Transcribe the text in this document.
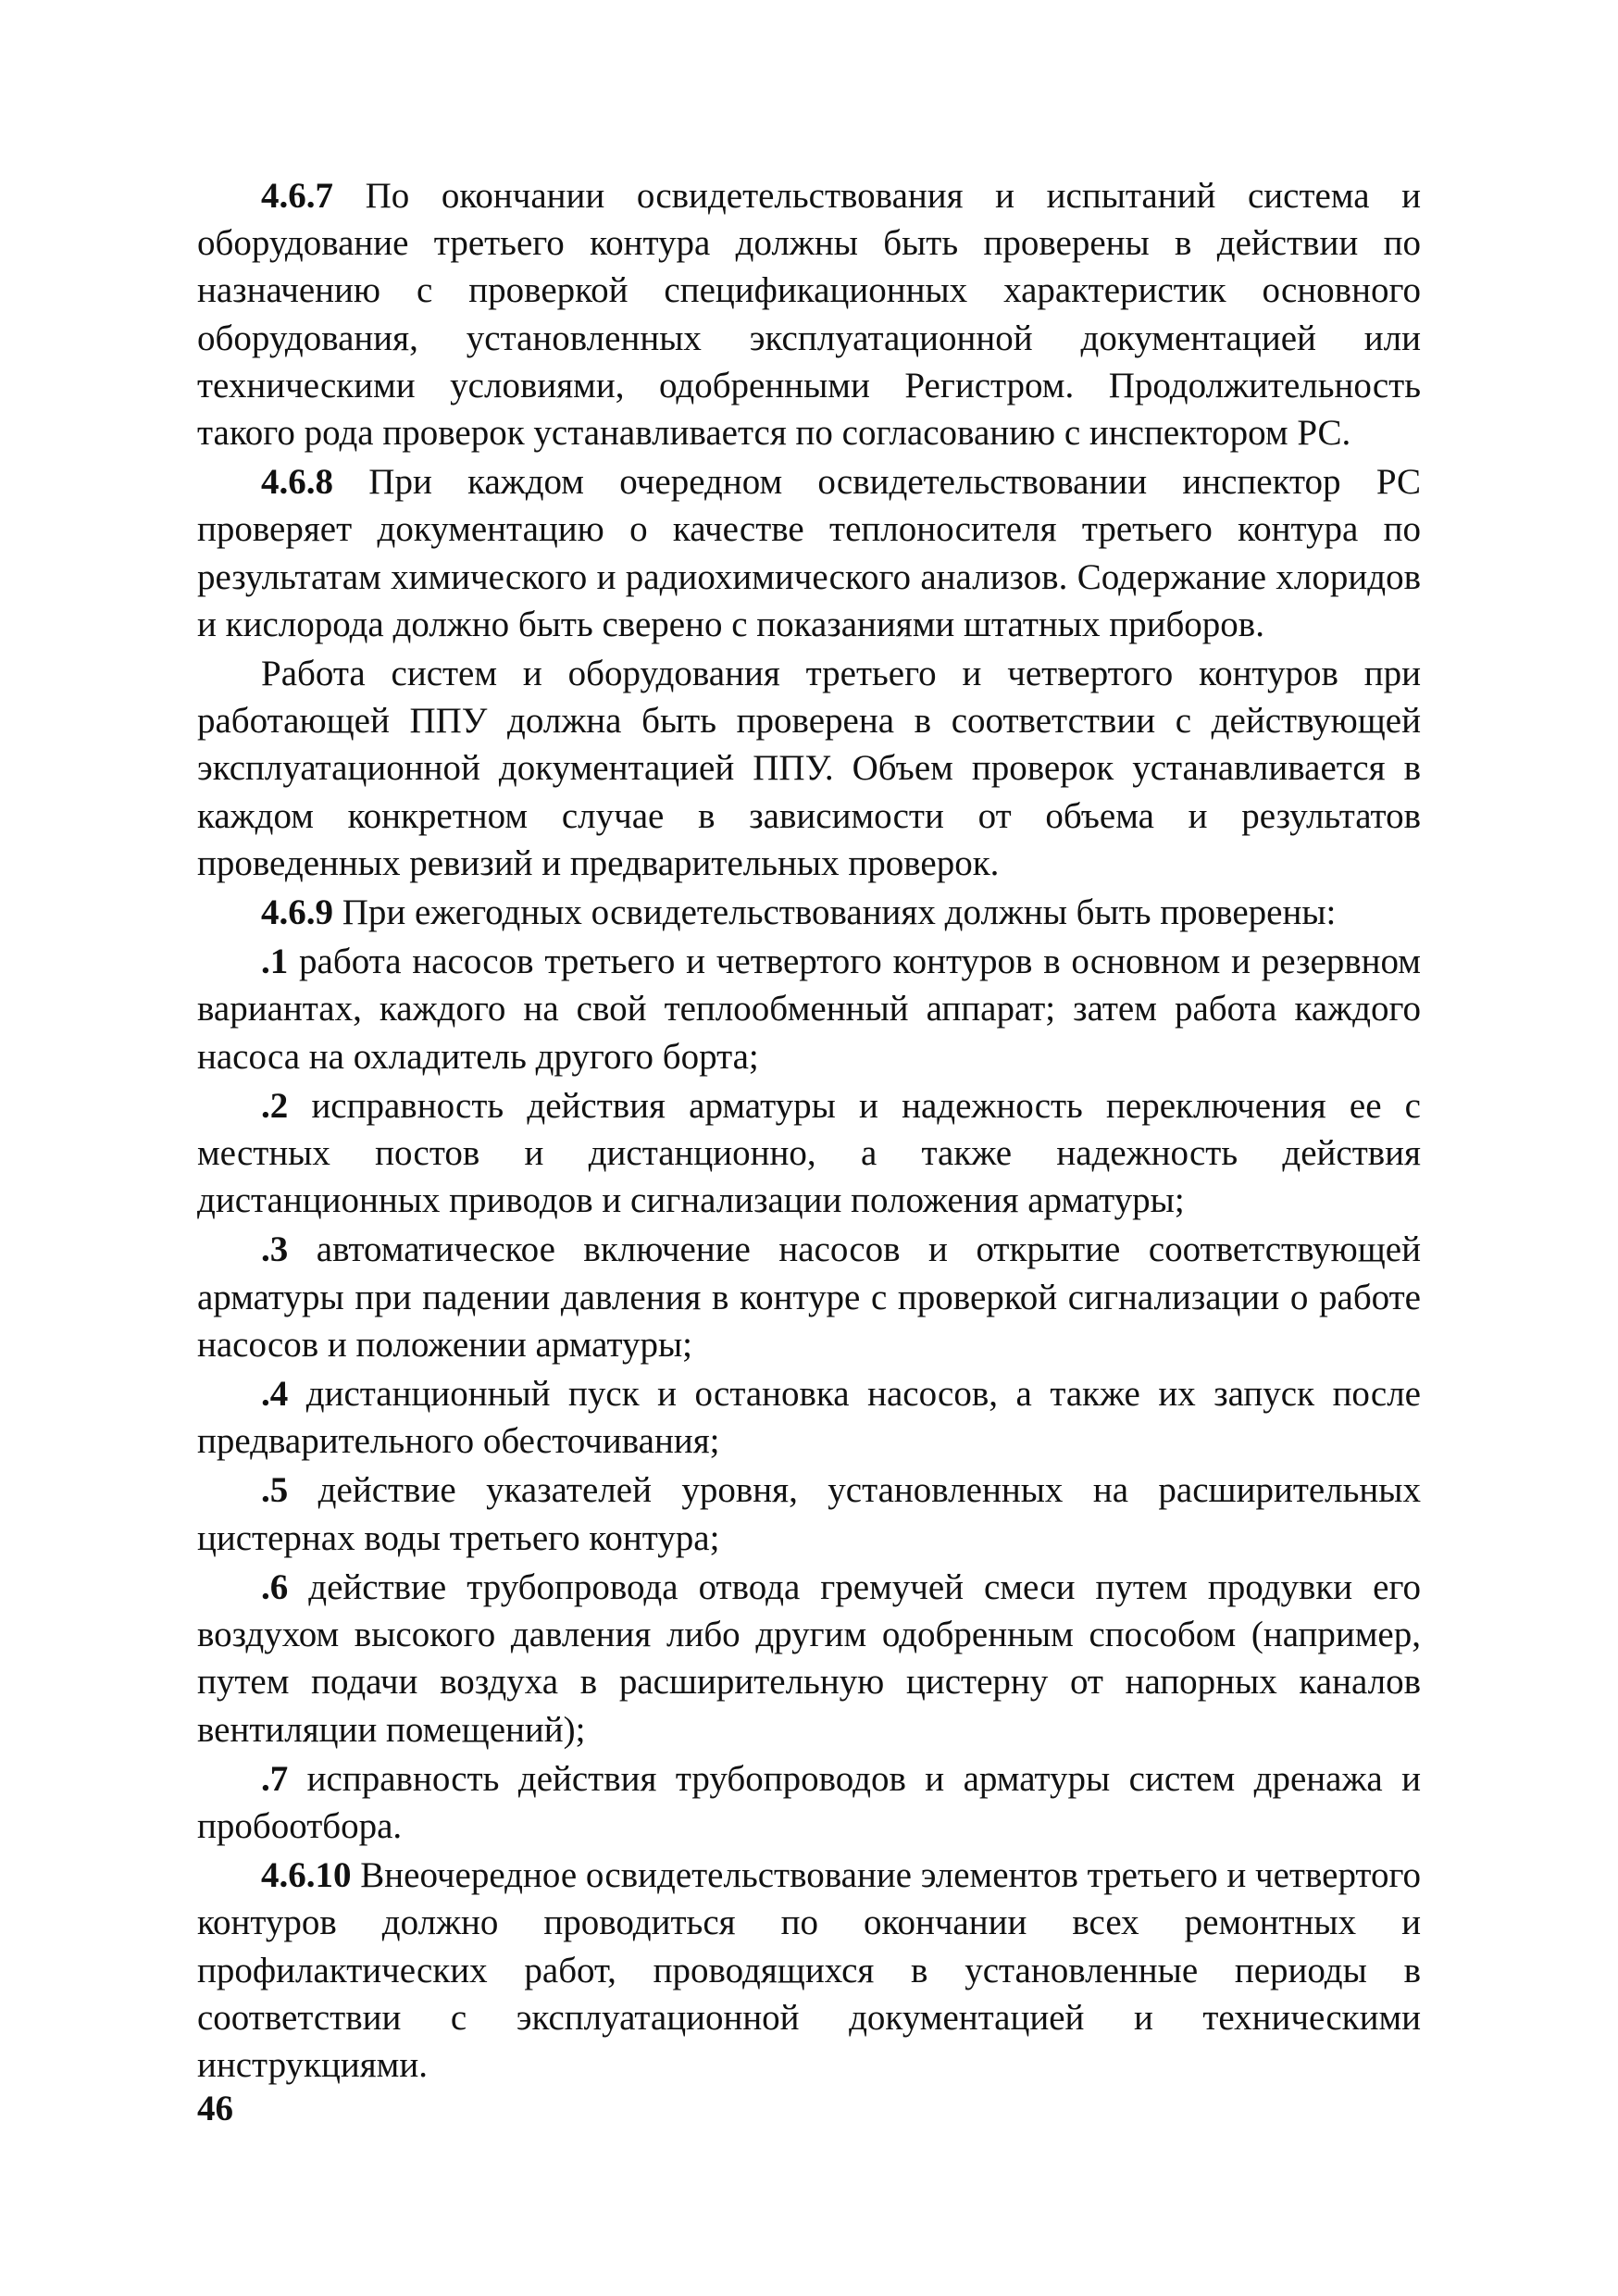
4.6.7 По окончании освидетельствования и испытаний система и оборудование третьего контура должны быть проверены в действии по назначению с проверкой спецификационных характеристик основного оборудования, установленных эксплуатационной документацией или техническими условиями, одобренными Регистром. Продолжительность такого рода проверок устанавливается по согласованию с инспектором РС.

4.6.8 При каждом очередном освидетельствовании инспектор РС проверяет документацию о качестве теплоносителя третьего контура по результатам химического и радиохимического анализов. Содержание хлоридов и кислорода должно быть сверено с показаниями штатных приборов.

Работа систем и оборудования третьего и четвертого контуров при работающей ППУ должна быть проверена в соответствии с действующей эксплуатационной документацией ППУ. Объем проверок устанавливается в каждом конкретном случае в зависимости от объема и результатов проведенных ревизий и предварительных проверок.

4.6.9 При ежегодных освидетельствованиях должны быть проверены:

.1 работа насосов третьего и четвертого контуров в основном и резервном вариантах, каждого на свой теплообменный аппарат; затем работа каждого насоса на охладитель другого борта;

.2 исправность действия арматуры и надежность переключения ее с местных постов и дистанционно, а также надежность действия дистанционных приводов и сигнализации положения арматуры;

.3 автоматическое включение насосов и открытие соответствующей арматуры при падении давления в контуре с проверкой сигнализации о работе насосов и положении арматуры;

.4 дистанционный пуск и остановка насосов, а также их запуск после предварительного обесточивания;

.5 действие указателей уровня, установленных на расширительных цистернах воды третьего контура;

.6 действие трубопровода отвода гремучей смеси путем продувки его воздухом высокого давления либо другим одобренным способом (например, путем подачи воздуха в расширительную цистерну от напорных каналов вентиляции помещений);

.7 исправность действия трубопроводов и арматуры систем дренажа и пробоотбора.

4.6.10 Внеочередное освидетельствование элементов третьего и четвертого контуров должно проводиться по окончании всех ремонтных и профилактических работ, проводящихся в установленные периоды в соответствии с эксплуатационной документацией и техническими инструкциями.

46
